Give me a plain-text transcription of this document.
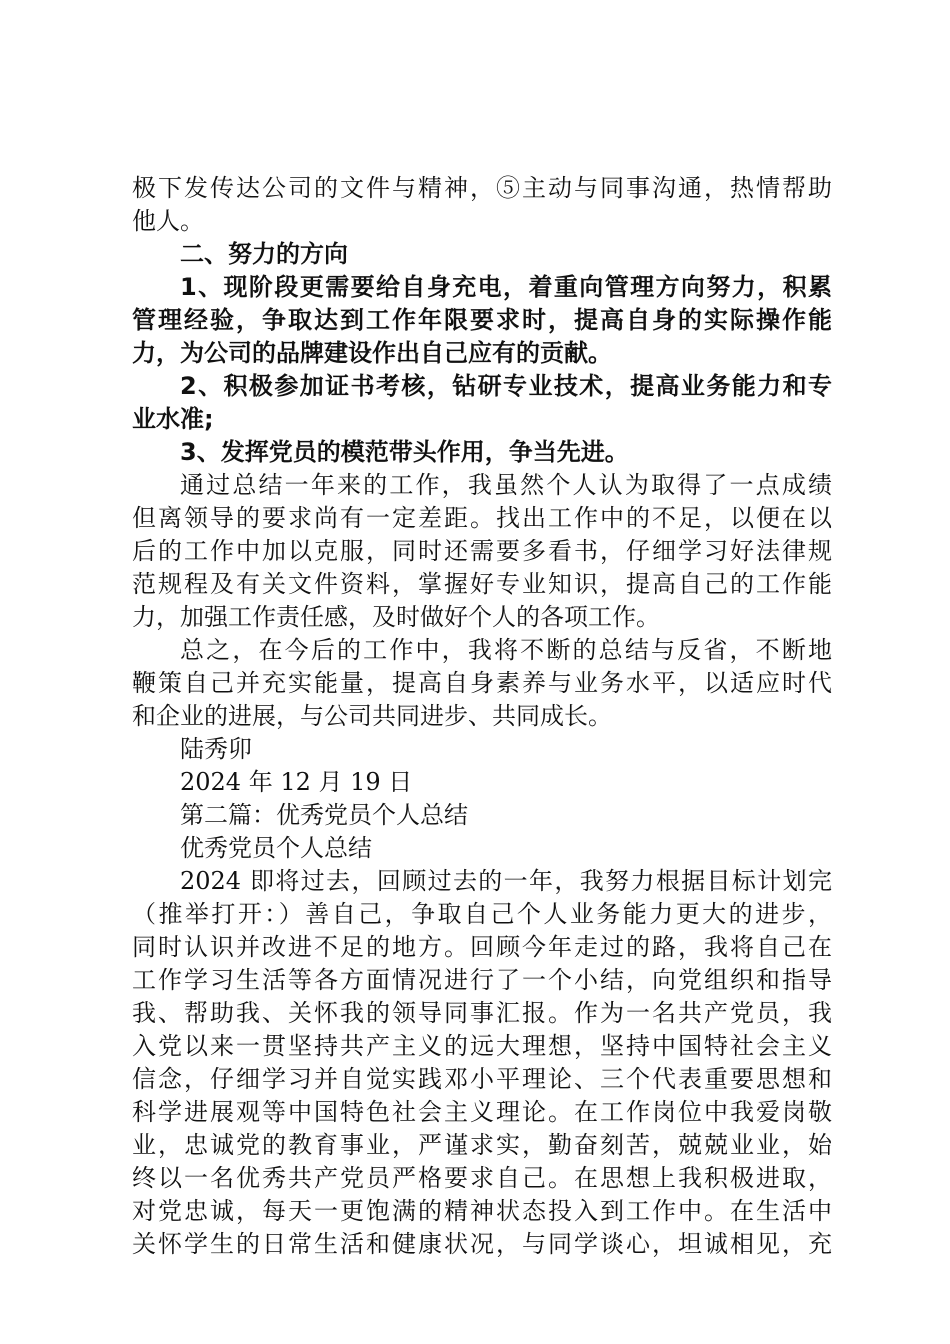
极下发传达公司的文件与精神，⑤主动与同事沟通，热情帮助
他人。
二、努力的方向
1、现阶段更需要给自身充电，着重向管理方向努力，积累
管理经验，争取达到工作年限要求时，提高自身的实际操作能
力，为公司的品牌建设作出自己应有的贡献。
2、积极参加证书考核，钻研专业技术，提高业务能力和专
业水准;
3、发挥党员的模范带头作用，争当先进。
通过总结一年来的工作，我虽然个人认为取得了一点成绩
但离领导的要求尚有一定差距。找出工作中的不足，以便在以
后的工作中加以克服，同时还需要多看书，仔细学习好法律规
范规程及有关文件资料，掌握好专业知识，提高自己的工作能
力，加强工作责任感，及时做好个人的各项工作。
总之，在今后的工作中，我将不断的总结与反省，不断地
鞭策自己并充实能量，提高自身素养与业务水平，以适应时代
和企业的进展，与公司共同进步、共同成长。
陆秀卯
2024 年 12 月 19 日
第二篇：优秀党员个人总结
优秀党员个人总结
2024 即将过去，回顾过去的一年，我努力根据目标计划完
（推举打开：）善自己，争取自己个人业务能力更大的进步，
同时认识并改进不足的地方。回顾今年走过的路，我将自己在
工作学习生活等各方面情况进行了一个小结，向党组织和指导
我、帮助我、关怀我的领导同事汇报。作为一名共产党员，我
入党以来一贯坚持共产主义的远大理想，坚持中国特社会主义
信念，仔细学习并自觉实践邓小平理论、三个代表重要思想和
科学进展观等中国特色社会主义理论。在工作岗位中我爱岗敬
业，忠诚党的教育事业，严谨求实，勤奋刻苦，兢兢业业，始
终以一名优秀共产党员严格要求自己。在思想上我积极进取，
对党忠诚，每天一更饱满的精神状态投入到工作中。在生活中
关怀学生的日常生活和健康状况，与同学谈心，坦诚相见，充
